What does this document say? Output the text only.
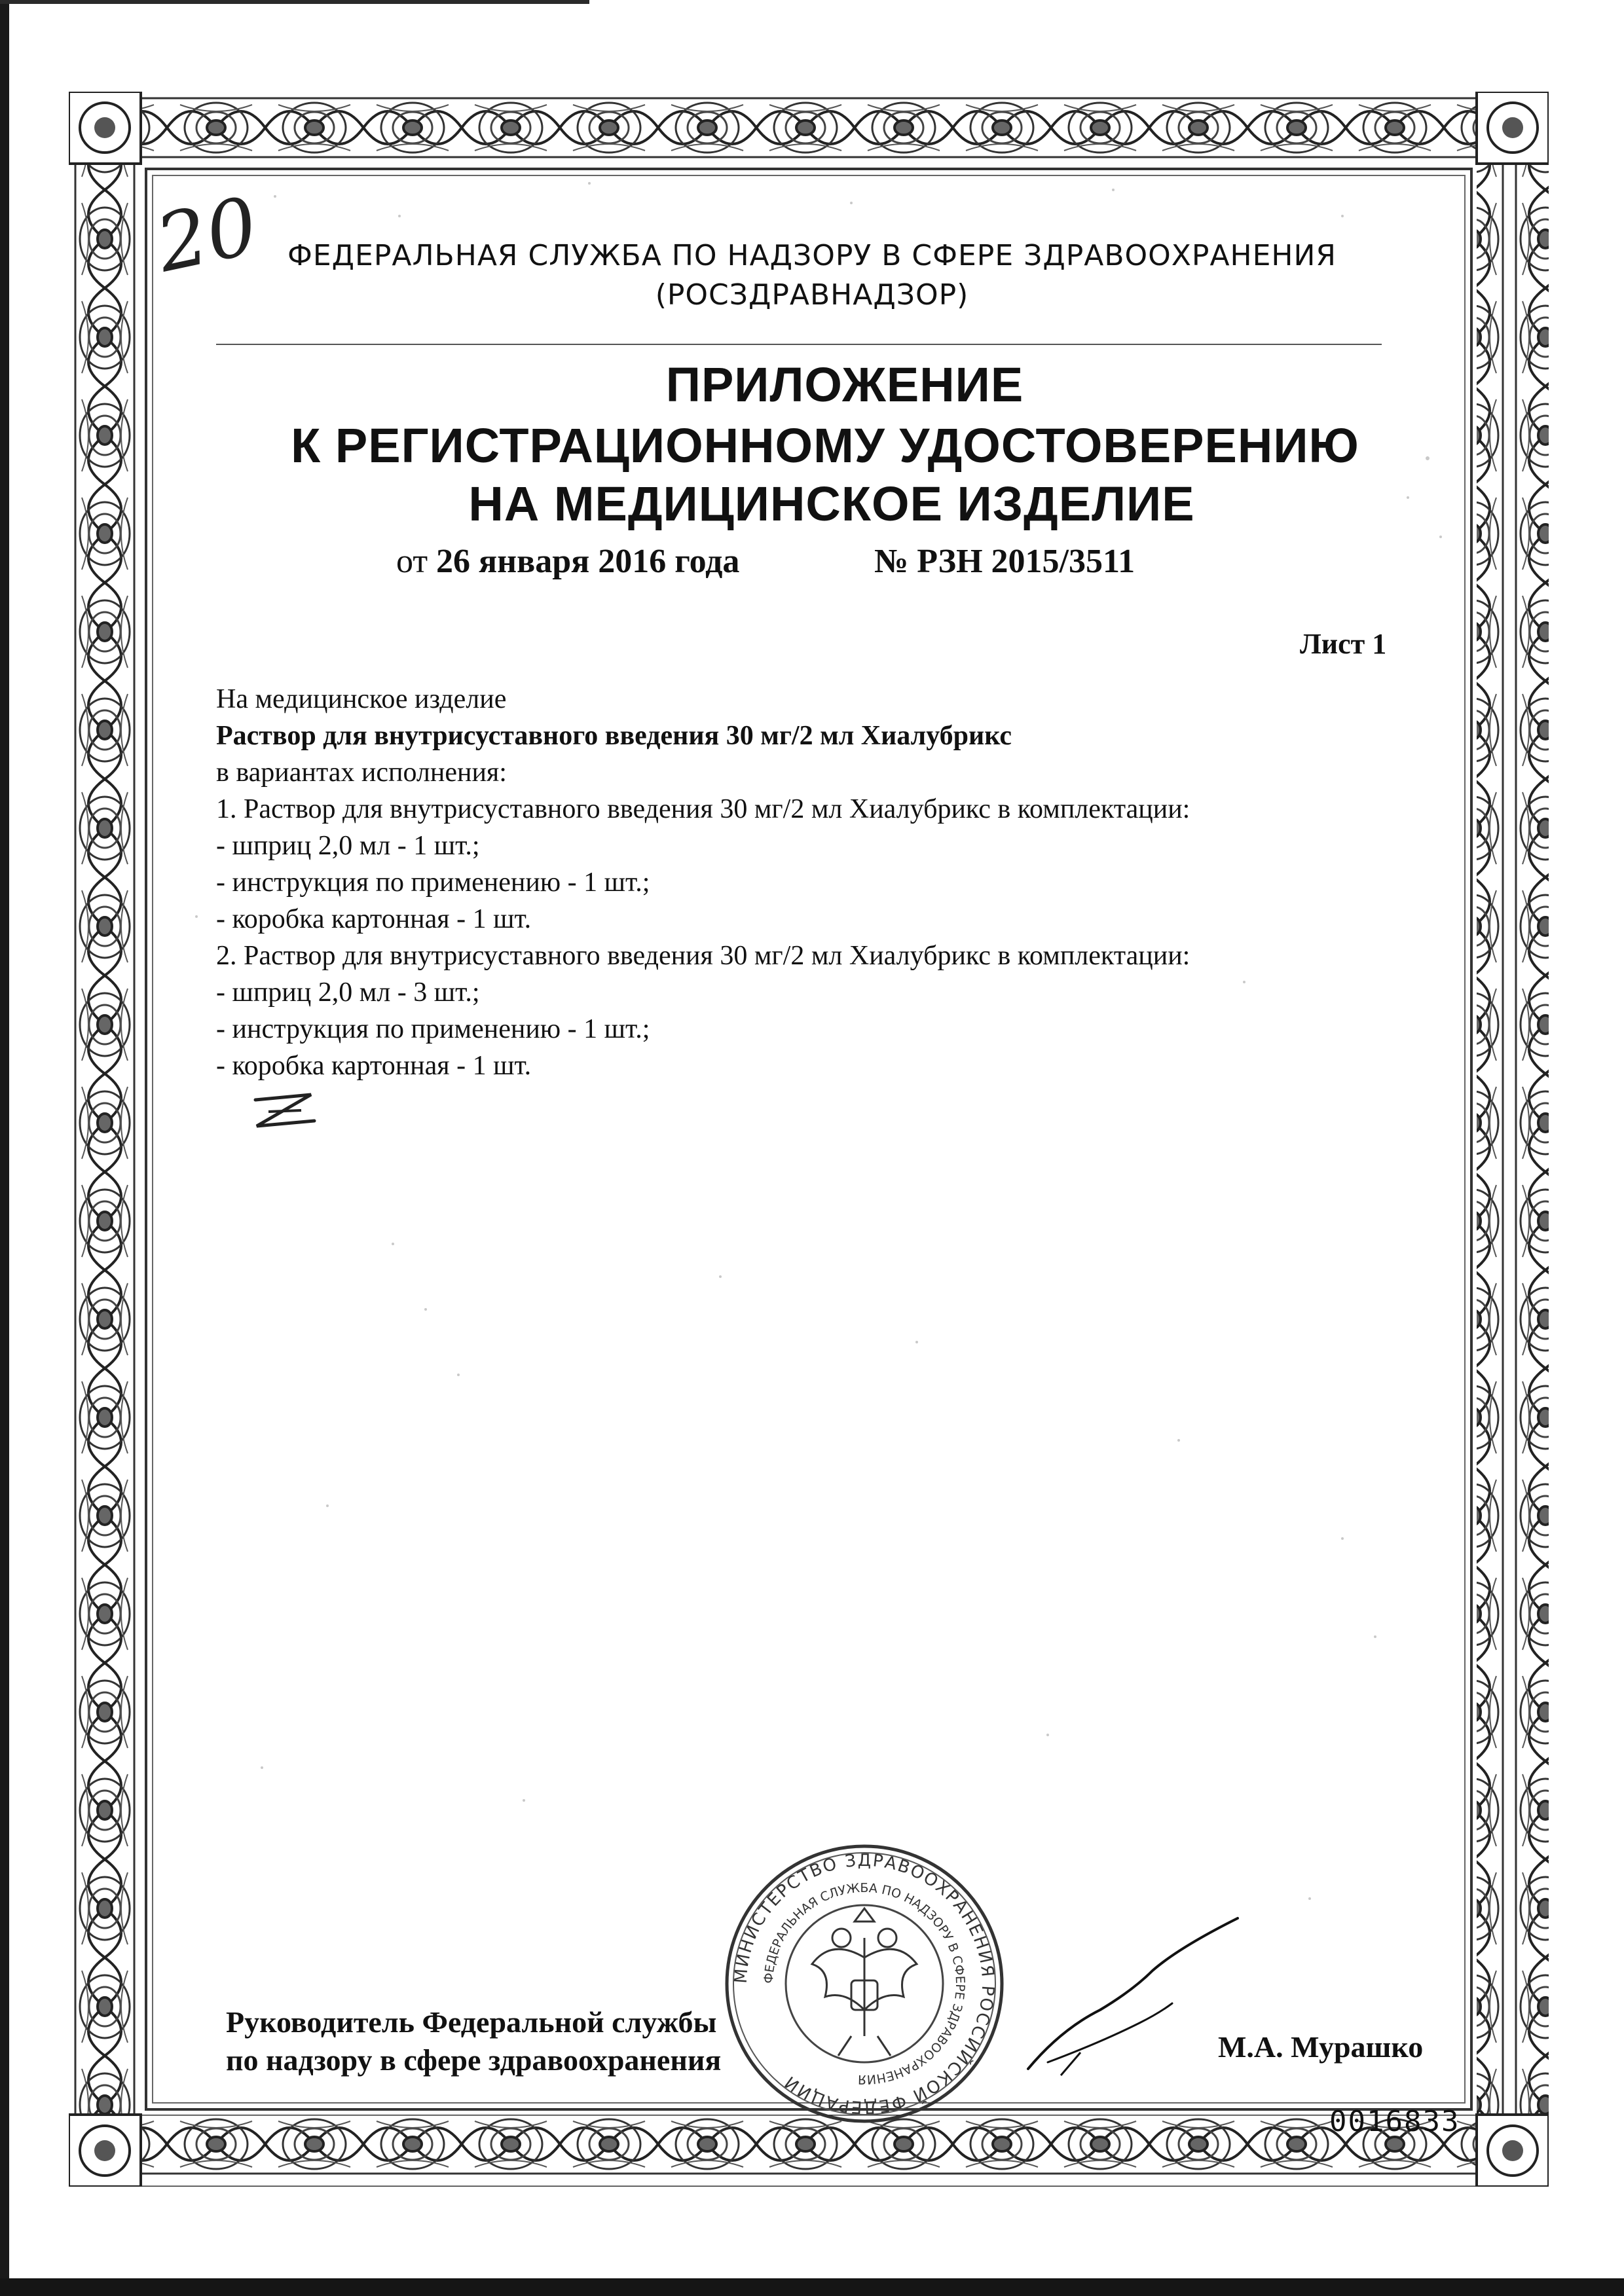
20 ФЕДЕРАЛЬНАЯ СЛУЖБА ПО НАДЗОРУ В СФЕРЕ ЗДРАВООХРАНЕНИЯ
(РОСЗДРАВНАДЗОР)
ПРИЛОЖЕНИЕ
К РЕГИСТРАЦИОННОМУ УДОСТОВЕРЕНИЮ
НА МЕДИЦИНСКОЕ ИЗДЕЛИЕ
от 26 января 2016 года	№ РЗН 2015/3511
Лист 1
На медицинское изделие
Раствор для внутрисуставного введения 30 мг/2 мл Хиалубрикс
в вариантах исполнения:
1. Раствор для внутрисуставного введения 30 мг/2 мл Хиалубрикс в комплектации:
- шприц 2,0 мл - 1 шт.;
- инструкция по применению - 1 шт.;
- коробка картонная - 1 шт.
2. Раствор для внутрисуставного введения 30 мг/2 мл Хиалубрикс в комплектации:
- шприц 2,0 мл - 3 шт.;
- инструкция по применению - 1 шт.;
- коробка картонная - 1 шт.
Руководитель Федеральной службы
по надзору в сфере здравоохранения
МИНИСТЕРСТВО ЗДРАВООХРАНЕНИЯ РОССИЙСКОЙ ФЕДЕРАЦИИ
ФЕДЕРАЛЬНАЯ СЛУЖБА ПО НАДЗОРУ В СФЕРЕ ЗДРАВООХРАНЕНИЯ
М.А. Мурашко
0016833
